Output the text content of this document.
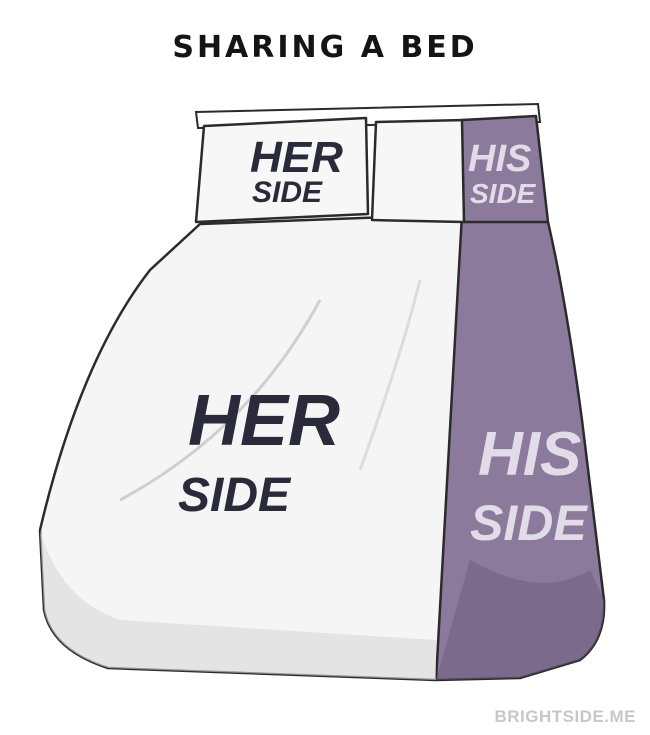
SHARING A BED
HER
SIDE
HIS
SIDE
HER
SIDE
HIS
SIDE
BRIGHTSIDE.ME
